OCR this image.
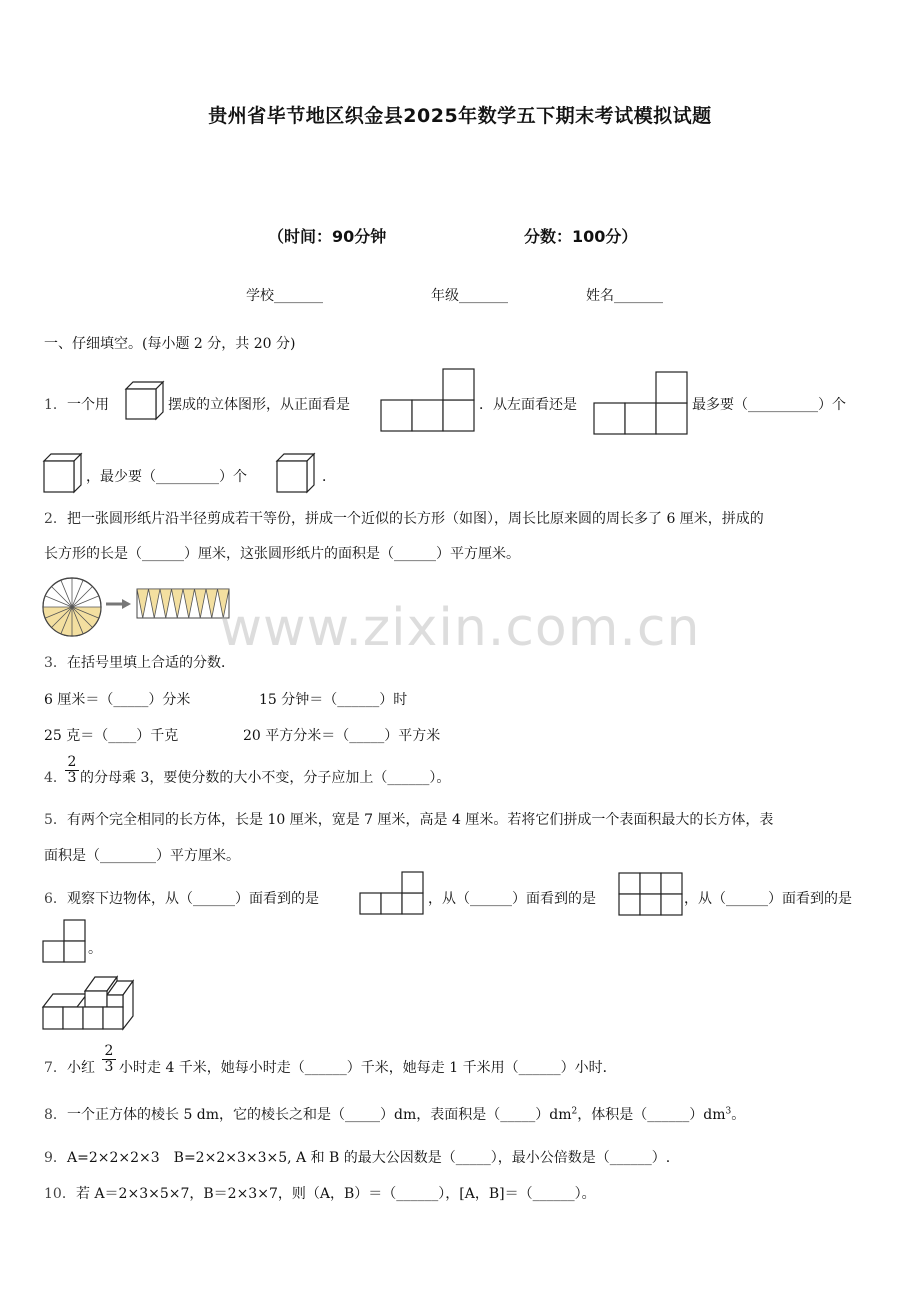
贵州省毕节地区织金县2025年数学五下期末考试模拟试题
（时间：90分钟	分数：100分）
学校_______	年级_______	姓名_______
一、仔细填空。(每小题 2 分，共 20 分)
1． 一个用	摆成的立体图形，从正面看是	．从左面看还是	最多要（__________）个
，最少要（_________）个	．
2． 把一张圆形纸片沿半径剪成若干等份，拼成一个近似的长方形（如图），周长比原来圆的周长多了 6 厘米，拼成的
长方形的长是（______）厘米，这张圆形纸片的面积是（______）平方厘米。
www.zixin.com.cn
3． 在括号里填上合适的分数．
6 厘米＝（_____）分米	15 分钟＝（______）时
25 克＝（____）千克	20 平方分米＝（_____）平方米
4．
$\frac{2}{3}$ 的分母乘 3，要使分数的大小不变，分子应加上（______）。
5． 有两个完全相同的长方体，长是 10 厘米，宽是 7 厘米，高是 4 厘米。若将它们拼成一个表面积最大的长方体，表
面积是（________）平方厘米。
6． 观察下边物体，从（______）面看到的是	，从（______）面看到的是	，从（______）面看到的是
。
7． 小红 $\frac{2}{3}$ 小时走 4 千米，她每小时走（______）千米，她每走 1 千米用（______）小时．
8． 一个正方体的棱长 5 dm，它的棱长之和是（_____）dm，表面积是$(\_\_\_\_\_)dm^2$，体积是$(\_\_\_\_\_\_)dm^3$。
9． A=2×2×2×3　B=2×2×3×3×5, A 和 B 的最大公因数是（_____），最小公倍数是（______）.
10． 若 A＝2×3×5×7，B＝2×3×7，则（A，B）＝（______），[A，B]＝（______）。
